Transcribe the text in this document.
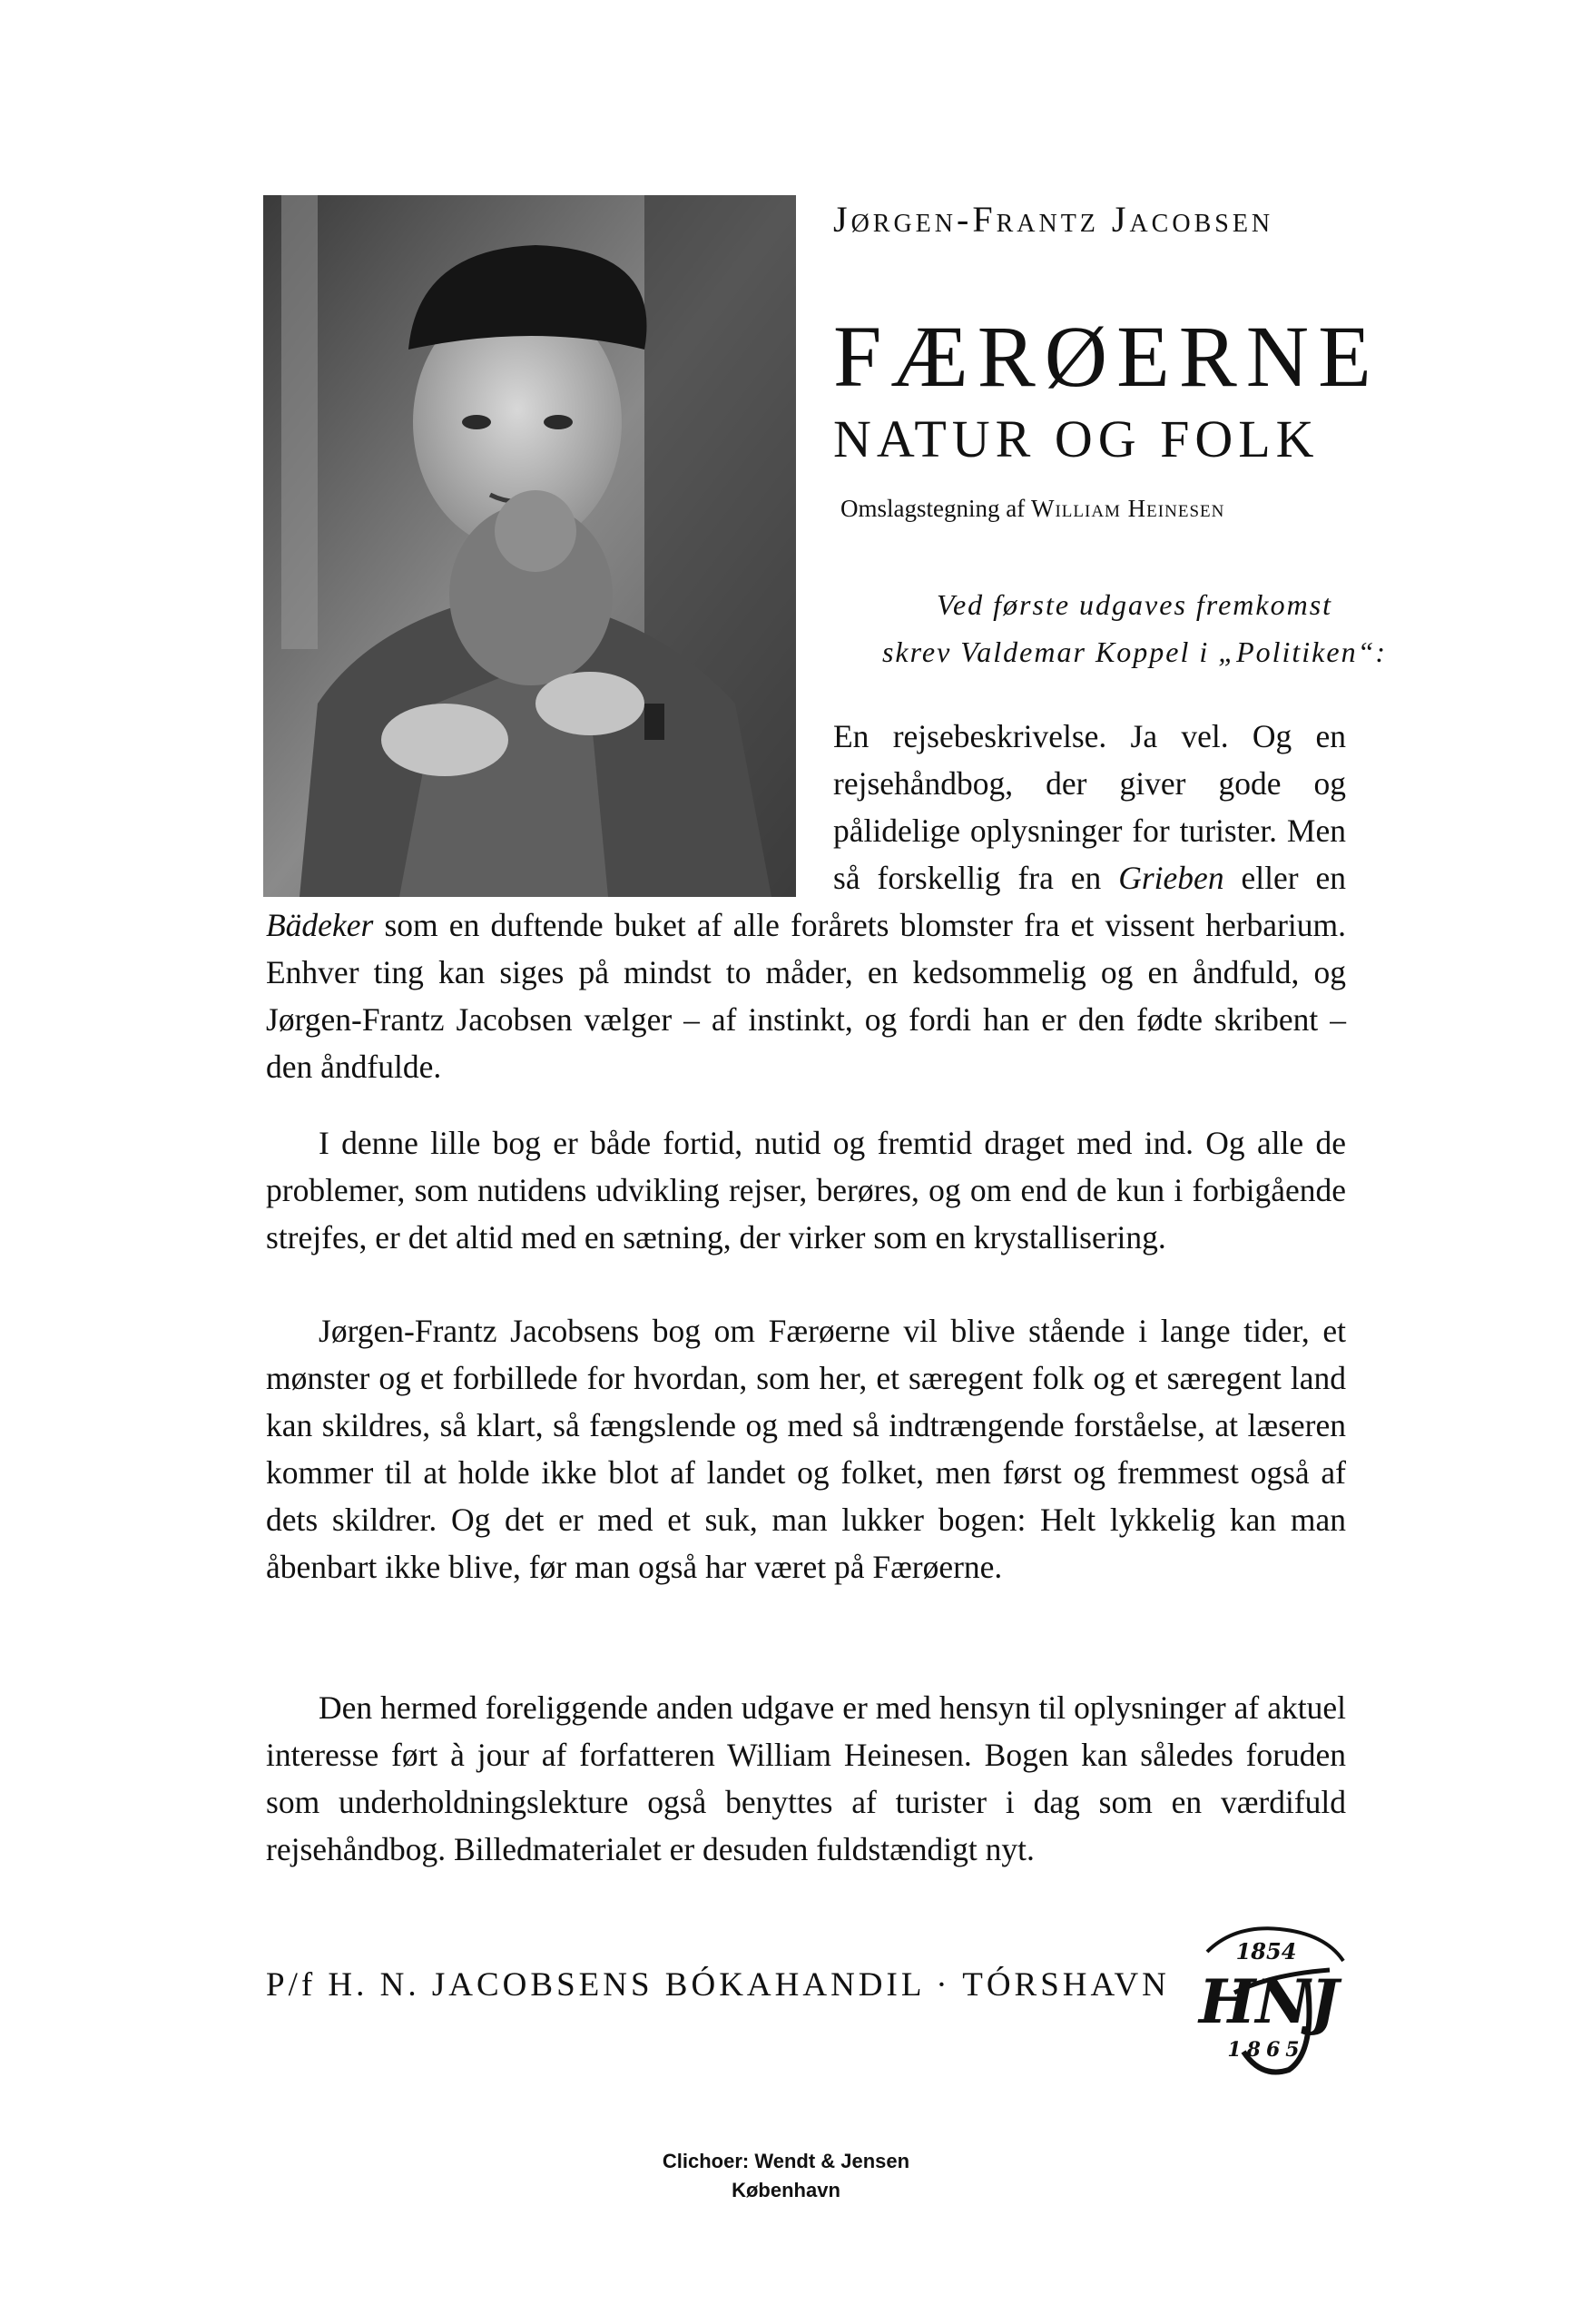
Jørgen-Frantz Jacobsen
FÆRØERNE
NATUR OG FOLK
Omslagstegning af William Heinesen
Ved første udgaves fremkomst
skrev Valdemar Koppel i „Politiken“:
En rejsebeskrivelse. Ja vel. Og en rejsehåndbog, der giver gode og pålidelige oplysninger for turister. Men så forskellig fra en Grieben eller en Bädeker som en duftende buket af alle forårets blomster fra et vissent herbarium. Enhver ting kan siges på mindst to måder, en kedsommelig og en åndfuld, og Jørgen-Frantz Jacobsen vælger – af instinkt, og fordi han er den fødte skribent – den åndfulde.
I denne lille bog er både fortid, nutid og fremtid draget med ind. Og alle de problemer, som nutidens udvikling rejser, berøres, og om end de kun i forbigående strejfes, er det altid med en sætning, der virker som en krystallisering.
Jørgen-Frantz Jacobsens bog om Færøerne vil blive stående i lange tider, et mønster og et forbillede for hvordan, som her, et særegent folk og et særegent land kan skildres, så klart, så fængslende og med så indtrængende forståelse, at læseren kommer til at holde ikke blot af landet og folket, men først og fremmest også af dets skildrer. Og det er med et suk, man lukker bogen: Helt lykkelig kan man åbenbart ikke blive, før man også har været på Færøerne.
Den hermed foreliggende anden udgave er med hensyn til oplysninger af aktuel interesse ført à jour af forfatteren William Heinesen. Bogen kan således foruden som underholdningslekture også benyttes af turister i dag som en værdifuld rejsehåndbog. Billedmaterialet er desuden fuldstændigt nyt.
P/f H. N. JACOBSENS BÓKAHANDIL · TÓRSHAVN
1854
HNJ
1865
Clichoer: Wendt & Jensen
København
